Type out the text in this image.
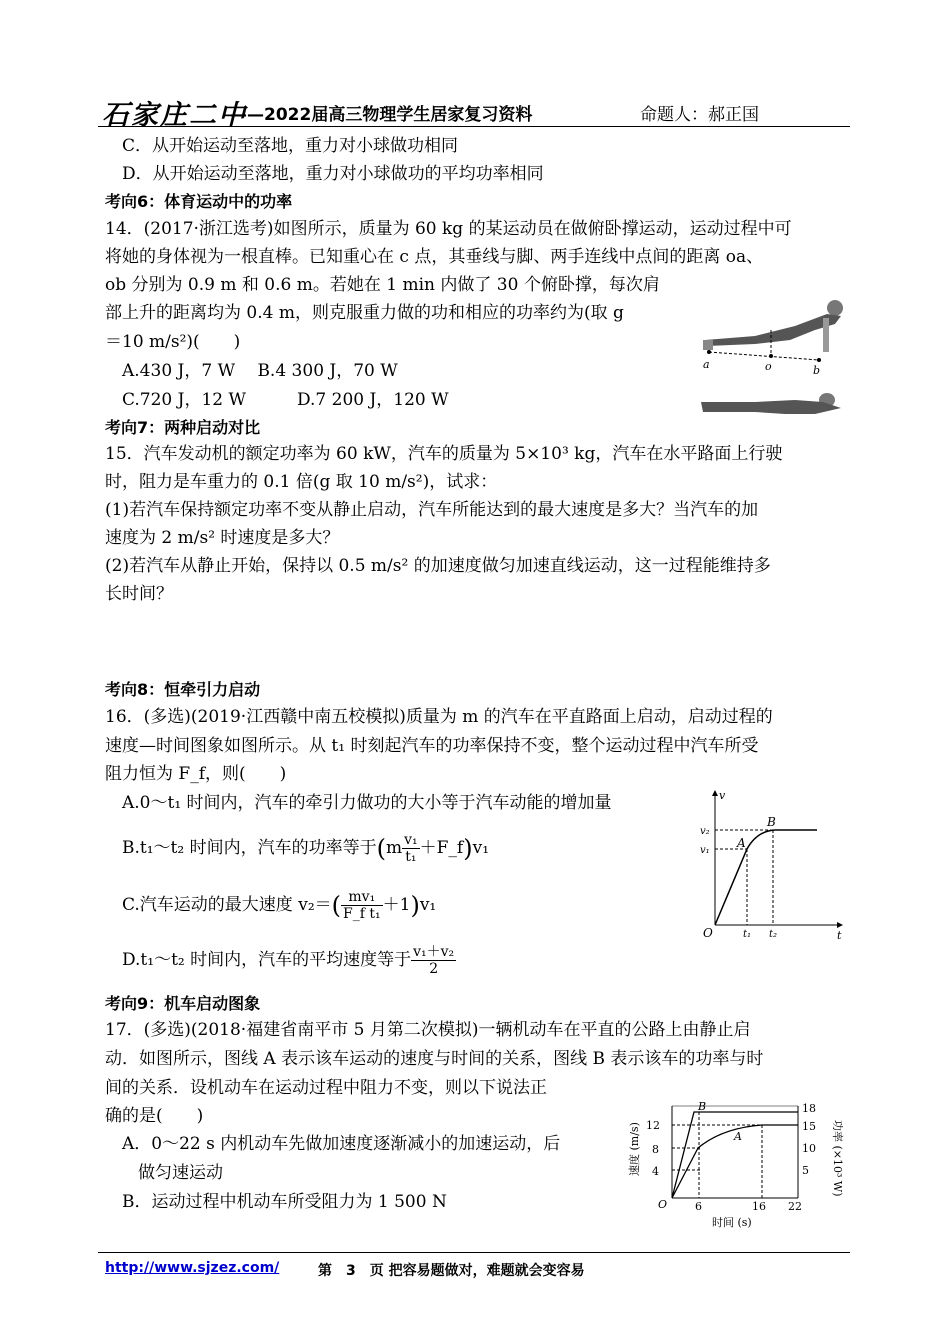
石家庄二中
——2022届高三物理学生居家复习资料	命题人：郝正国
C．从开始运动至落地，重力对小球做功相同
D．从开始运动至落地，重力对小球做功的平均功率相同
考向6：体育运动中的功率
14．(2017·浙江选考)如图所示，质量为 60 kg 的某运动员在做俯卧撑运动，运动过程中可
将她的身体视为一根直棒。已知重心在 c 点，其垂线与脚、两手连线中点间的距离 oa、
ob 分别为 0.9 m 和 0.6 m。若她在 1 min 内做了 30 个俯卧撑，每次肩
部上升的距离均为 0.4 m，则克服重力做的功和相应的功率约为(取 g
＝10 m/s²)(　　)
A.430 J，7 W　 B.4 300 J，70 W
C.720 J，12 W　　　D.7 200 J，120 W
a	o	b
c
考向7：两种启动对比
15．汽车发动机的额定功率为 60 kW，汽车的质量为 5×10³ kg，汽车在水平路面上行驶
时，阻力是车重力的 0.1 倍(g 取 10 m/s²)，试求：
(1)若汽车保持额定功率不变从静止启动，汽车所能达到的最大速度是多大？当汽车的加
速度为 2 m/s² 时速度是多大？
(2)若汽车从静止开始，保持以 0.5 m/s² 的加速度做匀加速直线运动，这一过程能维持多
长时间？
考向8：恒牵引力启动
16．(多选)(2019·江西赣中南五校模拟)质量为 m 的汽车在平直路面上启动，启动过程的
速度—时间图象如图所示。从 t₁ 时刻起汽车的功率保持不变，整个运动过程中汽车所受
阻力恒为 F_f，则(　　)
A.0～t₁ 时间内，汽车的牵引力做功的大小等于汽车动能的增加量
B.t₁～t₂ 时间内，汽车的功率等于($m \frac{\text{v₁}}{\text{t₁}}$ ＋F_f)v₁
C.汽车运动的最大速度 $v_2=( \frac{\text{mv₁}}{\text{F\_f t₁}} +1)v_1$
D.t₁～t₂ 时间内，汽车的平均速度等于 $\frac{\text{v₁＋v₂}}{2}$
v
t
O
v₂
v₁
t₁ t₂
A
B
考向9：机车启动图象
17．(多选)(2018·福建省南平市 5 月第二次模拟)一辆机动车在平直的公路上由静止启
动．如图所示，图线 A 表示该车运动的速度与时间的关系，图线 B 表示该车的功率与时
间的关系．设机动车在运动过程中阻力不变，则以下说法正
确的是(　　)
A．0～22 s 内机动车先做加速度逐渐减小的加速运动，后
做匀速运动
B．运动过程中机动车所受阻力为 1 500 N
4
8
12
5
10
15
18
O	6	16 22
B
A
速度 (m/s)	功率 (×10³ W)
时间 (s)
http://www.sjzez.com/	第　3　页 把容易题做对，难题就会变容易
